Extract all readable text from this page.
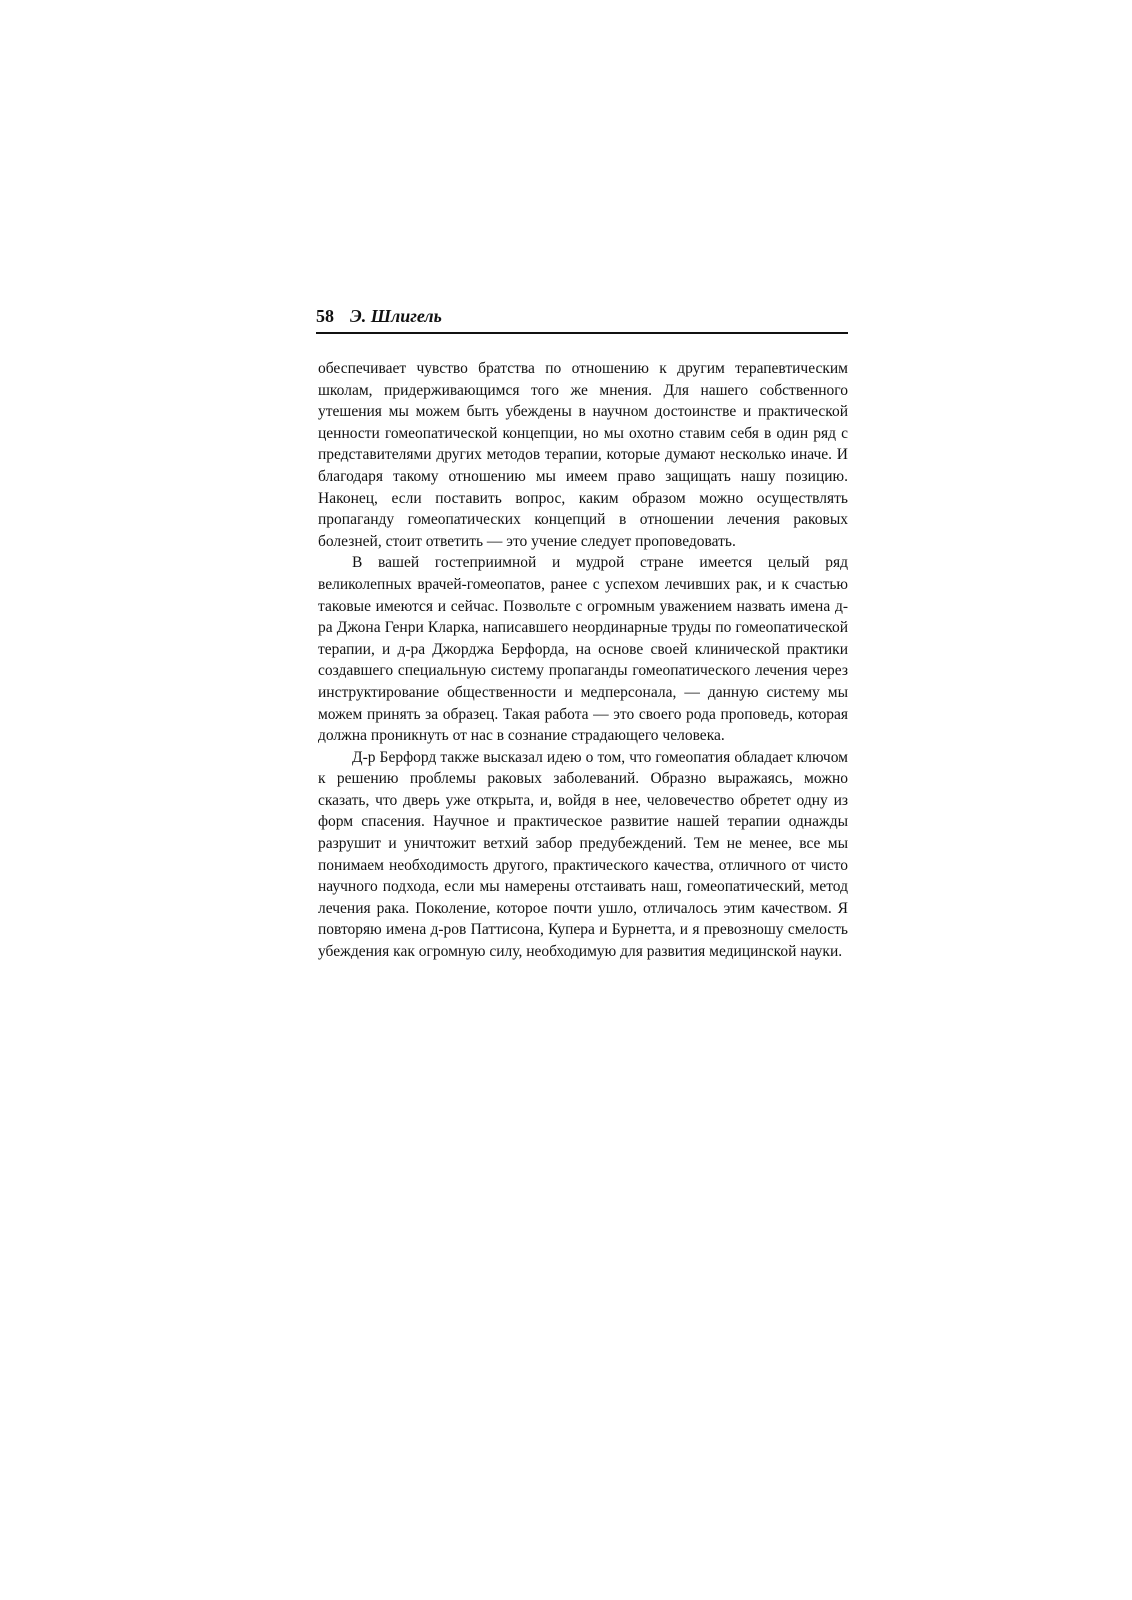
58 Э. Шлигель

обеспечивает чувство братства по отношению к другим терапевтическим школам, придерживающимся того же мнения. Для нашего собственного утешения мы можем быть убеждены в научном достоинстве и практической ценности гомеопатической концепции, но мы охотно ставим себя в один ряд с представителями других методов терапии, которые думают несколько иначе. И благодаря такому отношению мы имеем право защищать нашу позицию. Наконец, если поставить вопрос, каким образом можно осуществлять пропаганду гомеопатических концепций в отношении лечения раковых болезней, стоит ответить — это учение следует проповедовать.

В вашей гостеприимной и мудрой стране имеется целый ряд великолепных врачей-гомеопатов, ранее с успехом лечивших рак, и к счастью таковые имеются и сейчас. Позвольте с огромным уважением назвать имена д-ра Джона Генри Кларка, написавшего неординарные труды по гомеопатической терапии, и д-ра Джорджа Берфорда, на основе своей клинической практики создавшего специальную систему пропаганды гомеопатического лечения через инструктирование общественности и медперсонала, — данную систему мы можем принять за образец. Такая работа — это своего рода проповедь, которая должна проникнуть от нас в сознание страдающего человека.

Д-р Берфорд также высказал идею о том, что гомеопатия обладает ключом к решению проблемы раковых заболеваний. Образно выражаясь, можно сказать, что дверь уже открыта, и, войдя в нее, человечество обретет одну из форм спасения. Научное и практическое развитие нашей терапии однажды разрушит и уничтожит ветхий забор предубеждений. Тем не менее, все мы понимаем необходимость другого, практического качества, отличного от чисто научного подхода, если мы намерены отстаивать наш, гомеопатический, метод лечения рака. Поколение, которое почти ушло, отличалось этим качеством. Я повторяю имена д-ров Паттисона, Купера и Бурнетта, и я превозношу смелость убеждения как огромную силу, необходимую для развития медицинской науки.
